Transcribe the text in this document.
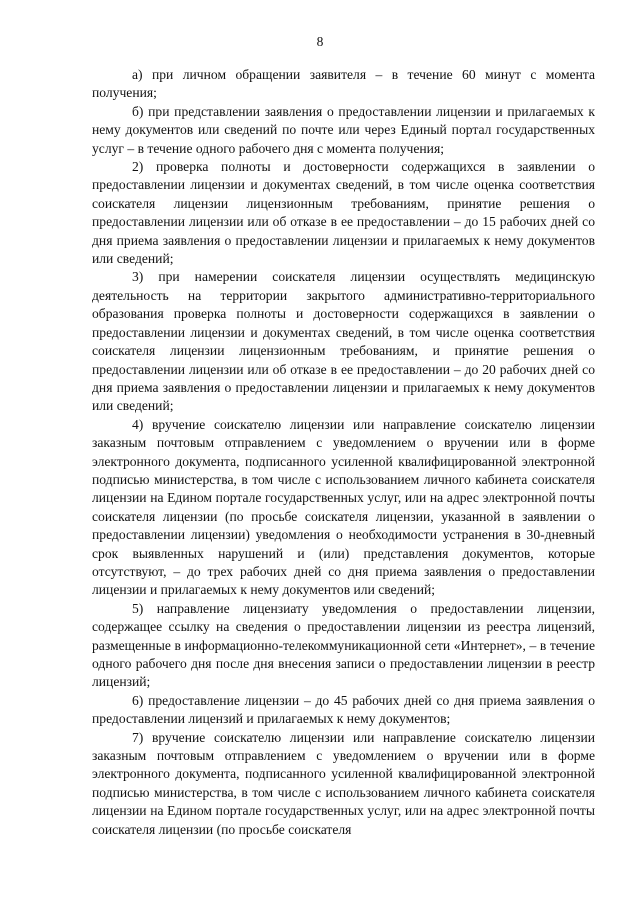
8

а) при личном обращении заявителя – в течение 60 минут с момента получения;

б) при представлении заявления о предоставлении лицензии и прилагаемых к нему документов или сведений по почте или через Единый портал государственных услуг – в течение одного рабочего дня с момента получения;

2) проверка полноты и достоверности содержащихся в заявлении о предоставлении лицензии и документах сведений, в том числе оценка соответствия соискателя лицензии лицензионным требованиям, принятие решения о предоставлении лицензии или об отказе в ее предоставлении – до 15 рабочих дней со дня приема заявления о предоставлении лицензии и прилагаемых к нему документов или сведений;

3) при намерении соискателя лицензии осуществлять медицинскую деятельность на территории закрытого административно-территориального образования проверка полноты и достоверности содержащихся в заявлении о предоставлении лицензии и документах сведений, в том числе оценка соответствия соискателя лицензии лицензионным требованиям, и принятие решения о предоставлении лицензии или об отказе в ее предоставлении – до 20 рабочих дней со дня приема заявления о предоставлении лицензии и прилагаемых к нему документов или сведений;

4) вручение соискателю лицензии или направление соискателю лицензии заказным почтовым отправлением с уведомлением о вручении или в форме электронного документа, подписанного усиленной квалифицированной электронной подписью министерства, в том числе с использованием личного кабинета соискателя лицензии на Едином портале государственных услуг, или на адрес электронной почты соискателя лицензии (по просьбе соискателя лицензии, указанной в заявлении о предоставлении лицензии) уведомления о необходимости устранения в 30-дневный срок выявленных нарушений и (или) представления документов, которые отсутствуют, – до трех рабочих дней со дня приема заявления о предоставлении лицензии и прилагаемых к нему документов или сведений;

5) направление лицензиату уведомления о предоставлении лицензии, содержащее ссылку на сведения о предоставлении лицензии из реестра лицензий, размещенные в информационно-телекоммуникационной сети «Интернет», – в течение одного рабочего дня после дня внесения записи о предоставлении лицензии в реестр лицензий;

6) предоставление лицензии – до 45 рабочих дней со дня приема заявления о предоставлении лицензий и прилагаемых к нему документов;

7) вручение соискателю лицензии или направление соискателю лицензии заказным почтовым отправлением с уведомлением о вручении или в форме электронного документа, подписанного усиленной квалифицированной электронной подписью министерства, в том числе с использованием личного кабинета соискателя лицензии на Едином портале государственных услуг, или на адрес электронной почты соискателя лицензии (по просьбе соискателя
